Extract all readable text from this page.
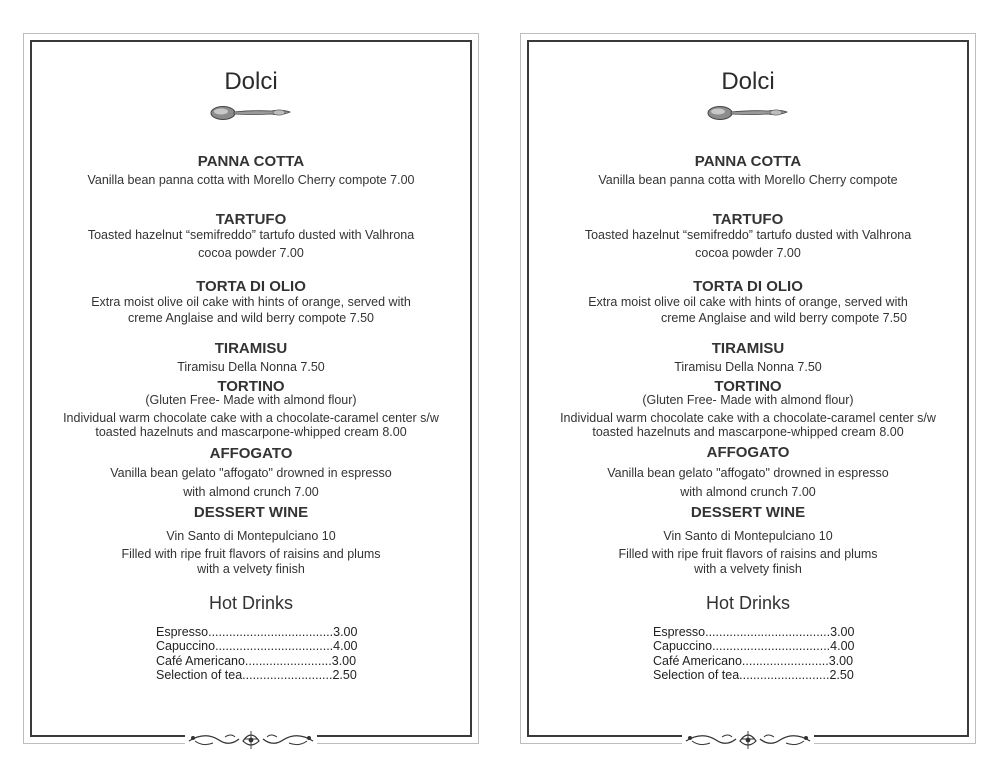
Dolci
PANNA COTTA
Vanilla bean panna cotta with Morello Cherry compote 7.00
TARTUFO
Toasted hazelnut “semifreddo” tartufo dusted with Valhrona
cocoa powder 7.00
TORTA DI OLIO
Extra moist olive oil cake with hints of orange, served with
creme Anglaise and wild berry compote 7.50
TIRAMISU
Tiramisu Della Nonna 7.50
TORTINO
(Gluten Free- Made with almond flour)
Individual warm chocolate cake with a chocolate-caramel center s/w
toasted hazelnuts and mascarpone-whipped cream 8.00
AFFOGATO
Vanilla bean gelato "affogato" drowned in espresso
with almond crunch 7.00
DESSERT WINE
Vin Santo di Montepulciano 10
Filled with ripe fruit flavors of raisins and plums
with a velvety finish
Hot Drinks
Espresso....................................3.00
Capuccino..................................4.00
Café Americano.........................3.00
Selection of tea..........................2.50
Dolci
PANNA COTTA
Vanilla bean panna cotta with Morello Cherry compote
TARTUFO
Toasted hazelnut “semifreddo” tartufo dusted with Valhrona
cocoa powder 7.00
TORTA DI OLIO
Extra moist olive oil cake with hints of orange, served with
creme Anglaise and wild berry compote 7.50
TIRAMISU
Tiramisu Della Nonna 7.50
TORTINO
(Gluten Free- Made with almond flour)
Individual warm chocolate cake with a chocolate-caramel center s/w
toasted hazelnuts and mascarpone-whipped cream 8.00
AFFOGATO
Vanilla bean gelato "affogato" drowned in espresso
with almond crunch 7.00
DESSERT WINE
Vin Santo di Montepulciano 10
Filled with ripe fruit flavors of raisins and plums
with a velvety finish
Hot Drinks
Espresso....................................3.00
Capuccino..................................4.00
Café Americano.........................3.00
Selection of tea..........................2.50
